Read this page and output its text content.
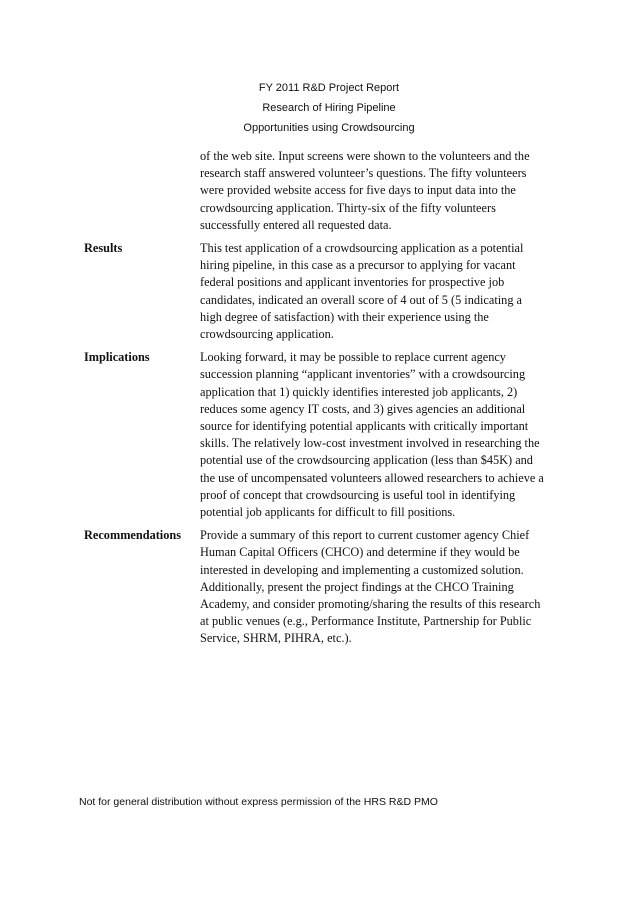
FY 2011 R&D Project Report
Research of Hiring Pipeline
Opportunities using Crowdsourcing
of the web site. Input screens were shown to the volunteers and the
research staff answered volunteer’s questions. The fifty volunteers
were provided website access for five days to input data into the
crowdsourcing application. Thirty-six of the fifty volunteers
successfully entered all requested data.
Results	This test application of a crowdsourcing application as a potential
hiring pipeline, in this case as a precursor to applying for vacant
federal positions and applicant inventories for prospective job
candidates, indicated an overall score of 4 out of 5 (5 indicating a
high degree of satisfaction) with their experience using the
crowdsourcing application.
Implications	Looking forward, it may be possible to replace current agency
succession planning “applicant inventories” with a crowdsourcing
application that 1) quickly identifies interested job applicants, 2)
reduces some agency IT costs, and 3) gives agencies an additional
source for identifying potential applicants with critically important
skills. The relatively low-cost investment involved in researching the
potential use of the crowdsourcing application (less than $45K) and
the use of uncompensated volunteers allowed researchers to achieve a
proof of concept that crowdsourcing is useful tool in identifying
potential job applicants for difficult to fill positions.
Recommendations	Provide a summary of this report to current customer agency Chief
Human Capital Officers (CHCO) and determine if they would be
interested in developing and implementing a customized solution.
Additionally, present the project findings at the CHCO Training
Academy, and consider promoting/sharing the results of this research
at public venues (e.g., Performance Institute, Partnership for Public
Service, SHRM, PIHRA, etc.).
Not for general distribution without express permission of the HRS R&D PMO
